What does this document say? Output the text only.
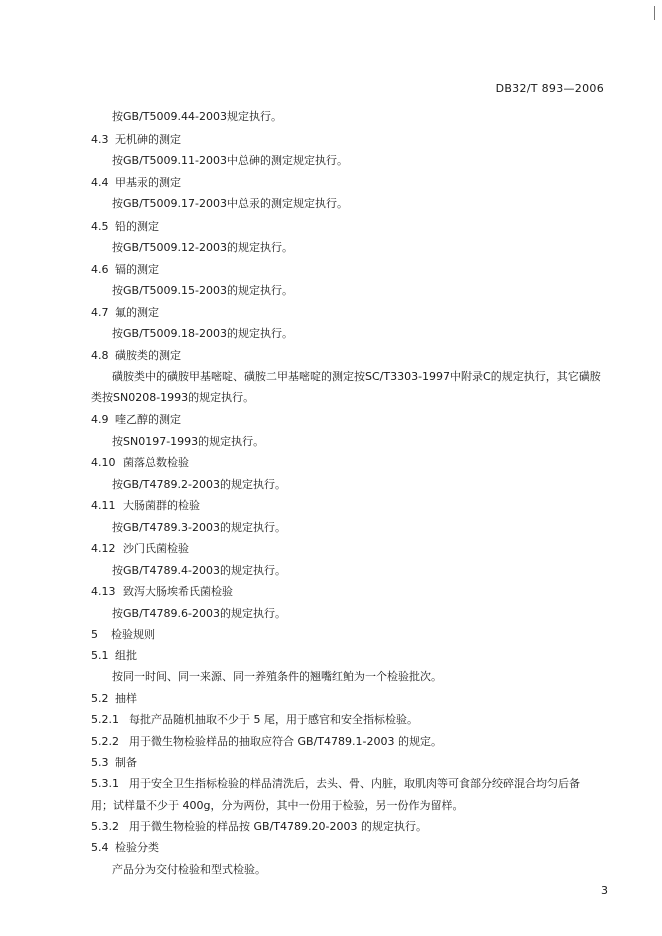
DB32/T 893—2006
按GB/T5009.44-2003规定执行。
4.3 无机砷的测定
按GB/T5009.11-2003中总砷的测定规定执行。
4.4 甲基汞的测定
按GB/T5009.17-2003中总汞的测定规定执行。
4.5 铅的测定
按GB/T5009.12-2003的规定执行。
4.6 镉的测定
按GB/T5009.15-2003的规定执行。
4.7 氟的测定
按GB/T5009.18-2003的规定执行。
4.8 磺胺类的测定
磺胺类中的磺胺甲基嘧啶、磺胺二甲基嘧啶的测定按SC/T3303-1997中附录C的规定执行，其它磺胺
类按SN0208-1993的规定执行。
4.9 喹乙醇的测定
按SN0197-1993的规定执行。
4.10 菌落总数检验
按GB/T4789.2-2003的规定执行。
4.11 大肠菌群的检验
按GB/T4789.3-2003的规定执行。
4.12 沙门氏菌检验
按GB/T4789.4-2003的规定执行。
4.13 致泻大肠埃希氏菌检验
按GB/T4789.6-2003的规定执行。
5 检验规则
5.1 组批
按同一时间、同一来源、同一养殖条件的翘嘴红鲌为一个检验批次。
5.2 抽样
5.2.1 每批产品随机抽取不少于 5 尾，用于感官和安全指标检验。
5.2.2 用于微生物检验样品的抽取应符合 GB/T4789.1-2003 的规定。
5.3 制备
5.3.1 用于安全卫生指标检验的样品清洗后，去头、骨、内脏，取肌肉等可食部分绞碎混合均匀后备
用；试样量不少于 400g，分为两份，其中一份用于检验，另一份作为留样。
5.3.2 用于微生物检验的样品按 GB/T4789.20-2003 的规定执行。
5.4 检验分类
产品分为交付检验和型式检验。
3
